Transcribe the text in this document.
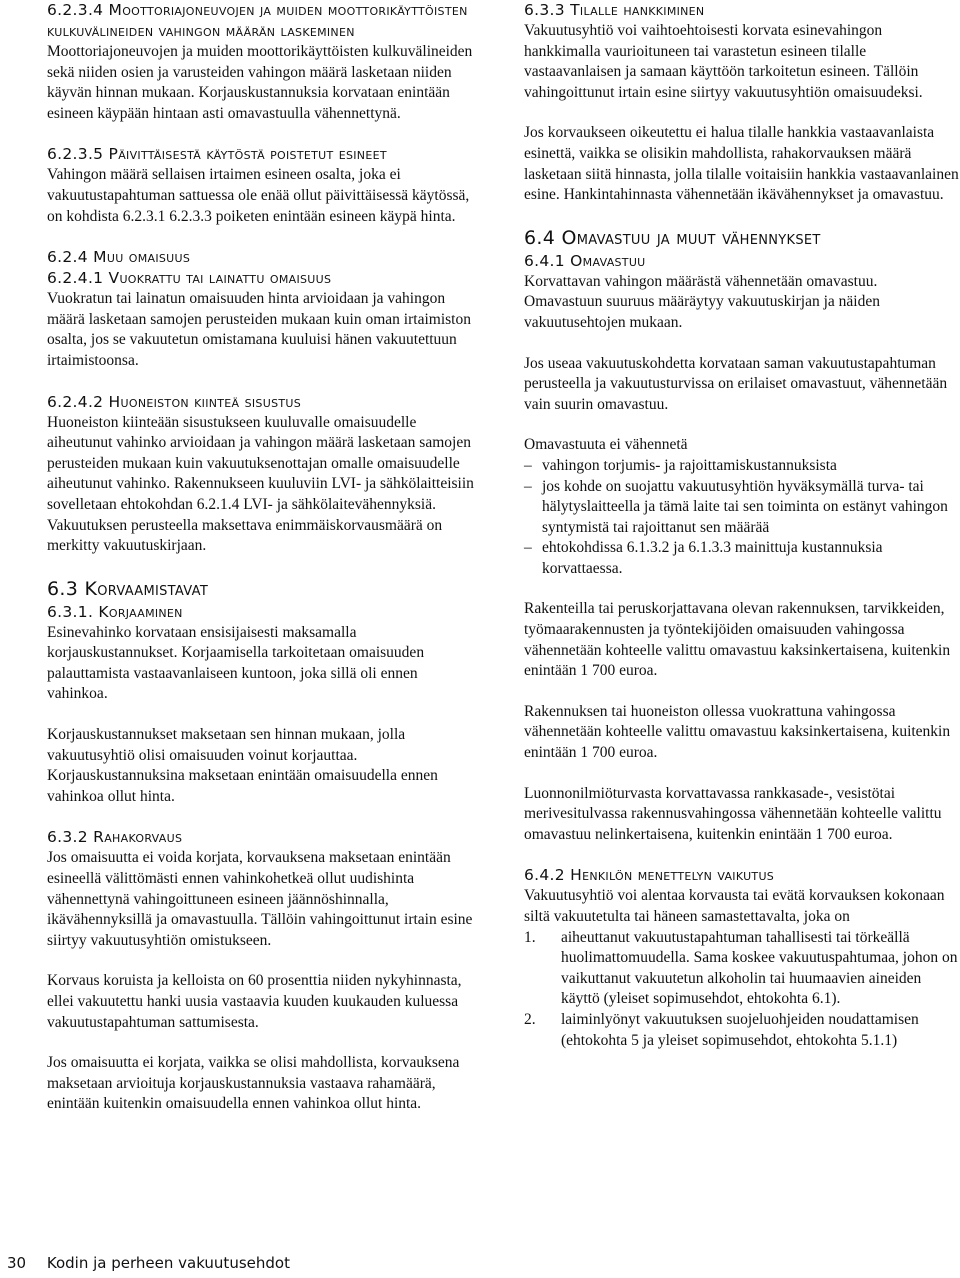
6.2.3.4 Moottoriajoneuvojen ja muiden moottorikäyttöisten kulkuvälineiden vahingon määrän laskeminen

Moottoriajoneuvojen ja muiden moottorikäyttöisten kulkuvälineiden sekä niiden osien ja varusteiden vahingon määrä lasketaan niiden käyvän hinnan mukaan. Korjauskustannuksia korvataan enintään esineen käypään hintaan asti omavastuulla vähennettynä.

6.2.3.5 Päivittäisestä käytöstä poistetut esineet

Vahingon määrä sellaisen irtaimen esineen osalta, joka ei vakuutustapahtuman sattuessa ole enää ollut päivittäisessä käytössä, on kohdista 6.2.3.1 6.2.3.3 poiketen enintään esineen käypä hinta.

6.2.4 Muu omaisuus
6.2.4.1 Vuokrattu tai lainattu omaisuus

Vuokratun tai lainatun omaisuuden hinta arvioidaan ja vahingon määrä lasketaan samojen perusteiden mukaan kuin oman irtaimiston osalta, jos se vakuutetun omistamana kuuluisi hänen vakuutettuun irtaimistoonsa.

6.2.4.2 Huoneiston kiinteä sisustus

Huoneiston kiinteään sisustukseen kuuluvalle omaisuudelle aiheutunut vahinko arvioidaan ja vahingon määrä lasketaan samojen perusteiden mukaan kuin vakuutuksenottajan omalle omaisuudelle aiheutunut vahinko. Rakennukseen kuuluviin LVI- ja sähkölaitteisiin sovelletaan ehtokohdan 6.2.1.4 LVI- ja sähkölaitevähennyksiä. Vakuutuksen perusteella maksettava enimmäiskorvausmäärä on merkitty vakuutuskirjaan.

6.3 Korvaamistavat
6.3.1. Korjaaminen

Esinevahinko korvataan ensisijaisesti maksamalla korjauskustannukset. Korjaamisella tarkoitetaan omaisuuden palauttamista vastaavanlaiseen kuntoon, joka sillä oli ennen vahinkoa.

Korjauskustannukset maksetaan sen hinnan mukaan, jolla vakuutusyhtiö olisi omaisuuden voinut korjauttaa. Korjauskustannuksina maksetaan enintään omaisuudella ennen vahinkoa ollut hinta.

6.3.2 Rahakorvaus

Jos omaisuutta ei voida korjata, korvauksena maksetaan enintään esineellä välittömästi ennen vahinkohetkeä ollut uudishinta vähennettynä vahingoittuneen esineen jäännöshinnalla, ikävähennyksillä ja omavastuulla. Tällöin vahingoittunut irtain esine siirtyy vakuutusyhtiön omistukseen.

Korvaus koruista ja kelloista on 60 prosenttia niiden nykyhinnasta, ellei vakuutettu hanki uusia vastaavia kuuden kuukauden kuluessa vakuutustapahtuman sattumisesta.

Jos omaisuutta ei korjata, vaikka se olisi mahdollista, korvauksena maksetaan arvioituja korjauskustannuksia vastaava rahamäärä, enintään kuitenkin omaisuudella ennen vahinkoa ollut hinta.

6.3.3 Tilalle hankkiminen

Vakuutusyhtiö voi vaihtoehtoisesti korvata esinevahingon hankkimalla vaurioituneen tai varastetun esineen tilalle vastaavanlaisen ja samaan käyttöön tarkoitetun esineen. Tällöin vahingoittunut irtain esine siirtyy vakuutusyhtiön omaisuudeksi.

Jos korvaukseen oikeutettu ei halua tilalle hankkia vastaavanlaista esinettä, vaikka se olisikin mahdollista, rahakorvauksen määrä lasketaan siitä hinnasta, jolla tilalle voitaisiin hankkia vastaavanlainen esine. Hankintahinnasta vähennetään ikävähennykset ja omavastuu.

6.4 Omavastuu ja muut vähennykset
6.4.1 Omavastuu

Korvattavan vahingon määrästä vähennetään omavastuu. Omavastuun suuruus määräytyy vakuutuskirjan ja näiden vakuutusehtojen mukaan.

Jos useaa vakuutuskohdetta korvataan saman vakuutustapahtuman perusteella ja vakuutusturvissa on erilaiset omavastuut, vähennetään vain suurin omavastuu.

Omavastuuta ei vähennetä

– vahingon torjumis- ja rajoittamiskustannuksista
– jos kohde on suojattu vakuutusyhtiön hyväksymällä turva- tai hälytyslaitteella ja tämä laite tai sen toiminta on estänyt vahingon syntymistä tai rajoittanut sen määrää
– ehtokohdissa 6.1.3.2 ja 6.1.3.3 mainittuja kustannuksia korvattaessa.

Rakenteilla tai peruskorjattavana olevan rakennuksen, tarvikkeiden, työmaarakennusten ja työntekijöiden omaisuuden vahingossa vähennetään kohteelle valittu omavastuu kaksinkertaisena, kuitenkin enintään 1 700 euroa.

Rakennuksen tai huoneiston ollessa vuokrattuna vahingossa vähennetään kohteelle valittu omavastuu kaksinkertaisena, kuitenkin enintään 1 700 euroa.

Luonnonilmiöturvasta korvattavassa rankkasade-, vesistötai merivesitulvassa rakennusvahingossa vähennetään kohteelle valittu omavastuu nelinkertaisena, kuitenkin enintään 1 700 euroa.

6.4.2 Henkilön menettelyn vaikutus

Vakuutusyhtiö voi alentaa korvausta tai evätä korvauksen kokonaan siltä vakuutetulta tai häneen samastettavalta, joka on

1. aiheuttanut vakuutustapahtuman tahallisesti tai törkeällä huolimattomuudella. Sama koskee vakuutuspahtumaa, johon on vaikuttanut vakuutetun alkoholin tai huumaavien aineiden käyttö (yleiset sopimusehdot, ehtokohta 6.1).
2. laiminlyönyt vakuutuksen suojeluohjeiden noudattamisen (ehtokohta 5 ja yleiset sopimusehdot, ehtokohta 5.1.1)
30 Kodin ja perheen vakuutusehdot
